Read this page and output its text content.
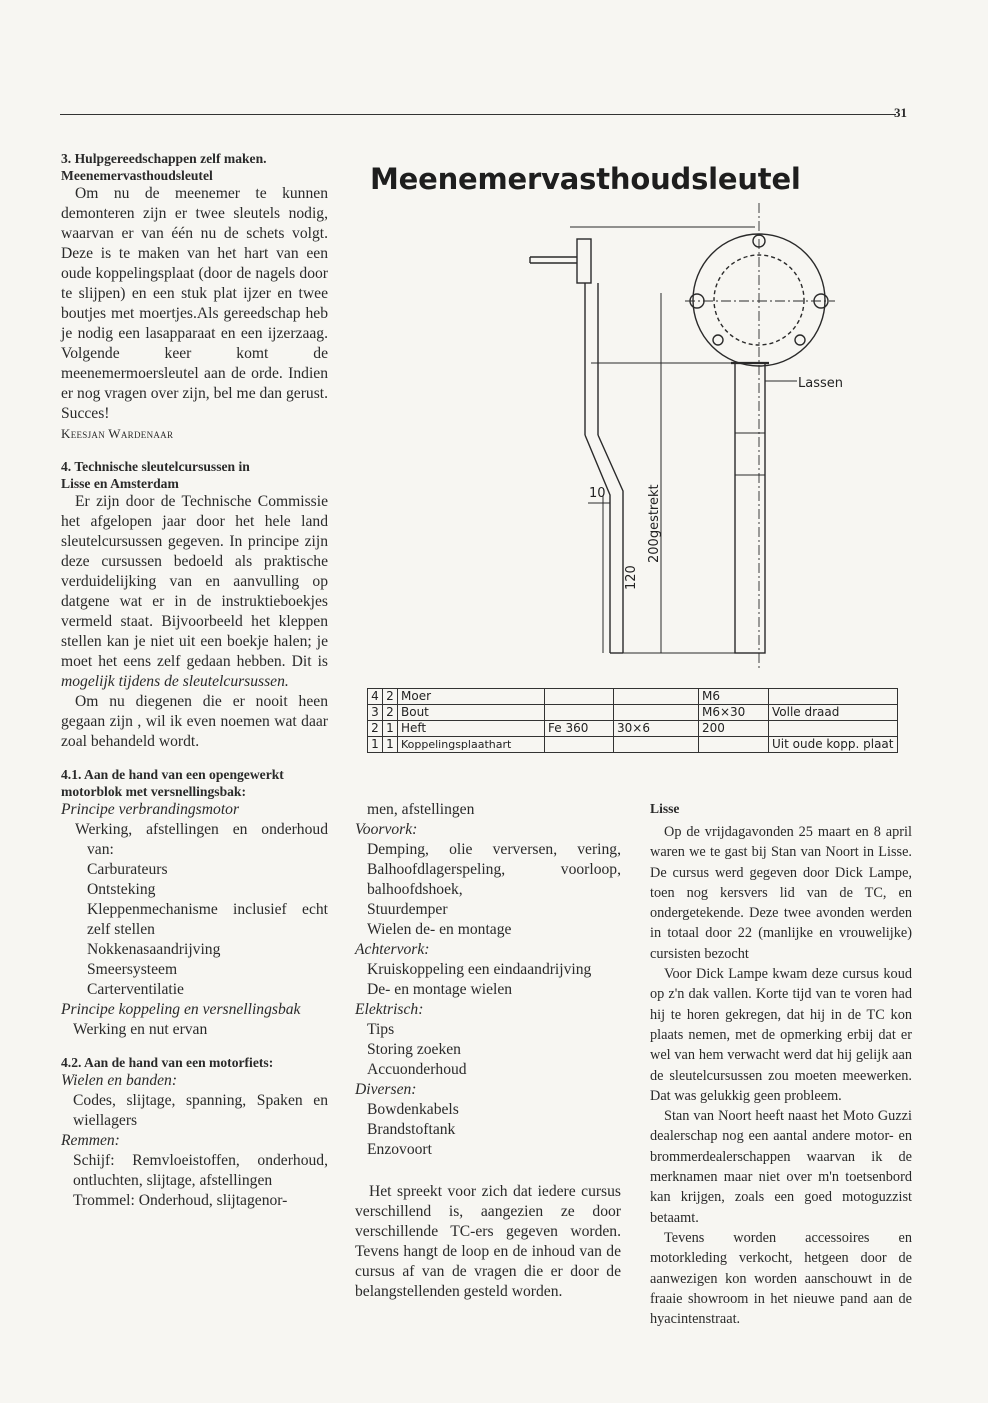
31

3. Hulpgereedschappen zelf maken.
Meenemervasthoudsleutel

Om nu de meenemer te kunnen demonteren zijn er twee sleutels nodig, waarvan er van één nu de schets volgt. Deze is te maken van het hart van een oude koppelingsplaat (door de nagels door te slijpen) en een stuk plat ijzer en twee boutjes met moertjes.Als gereedschap heb je nodig een lasapparaat en een ijzerzaag. Volgende keer komt de meenemermoersleutel aan de orde. Indien er nog vragen over zijn, bel me dan gerust. Succes!

Keesjan Wardenaar

4. Technische sleutelcursussen in
Lisse en Amsterdam

Er zijn door de Technische Commissie het afgelopen jaar door het hele land sleutelcursussen gegeven. In principe zijn deze cursussen bedoeld als praktische verduidelijking van en aanvulling op datgene wat er in de instruktieboekjes vermeld staat. Bijvoorbeeld het kleppen stellen kan je niet uit een boekje halen; je moet het eens zelf gedaan hebben. Dit is mogelijk tijdens de sleutelcursussen.

Om nu diegenen die er nooit heen gegaan zijn , wil ik even noemen wat daar zoal behandeld wordt.

4.1. Aan de hand van een opengewerkt motorblok met versnellingsbak:

Principe verbrandingsmotor

Werking, afstellingen en onderhoud van:

Carburateurs

Ontsteking

Kleppenmechanisme inclusief echt zelf stellen

Nokkenasaandrijving

Smeersysteem

Carterventilatie

Principe koppeling en versnellingsbak

Werking en nut ervan

4.2. Aan de hand van een motorfiets:

Wielen en banden:

Codes, slijtage, spanning, Spaken en wiellagers

Remmen:

Schijf: Remvloeistoffen, onderhoud, ontluchten, slijtage, afstellingen

Trommel: Onderhoud, slijtagenor-

Meenemervasthoudsleutel
10
120
200gestrekt
Lassen
4	2	Moer			M6	
3	2	Bout			M6×30	Volle draad
2	1	Heft	Fe 360	30×6	200	
1	1	Koppelingsplaathart				Uit oude kopp. plaat

men, afstellingen

Voorvork:

Demping, olie verversen, vering, Balhoofdlagerspeling, voorloop, balhoofdshoek,

Stuurdemper

Wielen de- en montage

Achtervork:

Kruiskoppeling een eindaandrijving

De- en montage wielen

Elektrisch:

Tips

Storing zoeken

Accuonderhoud

Diversen:

Bowdenkabels

Brandstoftank

Enzovoort

Het spreekt voor zich dat iedere cursus verschillend is, aangezien ze door verschillende TC-ers gegeven worden. Tevens hangt de loop en de inhoud van de cursus af van de vragen die er door de belangstellenden gesteld worden.

Lisse

Op de vrijdagavonden 25 maart en 8 april waren we te gast bij Stan van Noort in Lisse. De cursus werd gegeven door Dick Lampe, toen nog kersvers lid van de TC, en ondergetekende. Deze twee avonden werden in totaal door 22 (manlijke en vrouwelijke) cursisten bezocht

Voor Dick Lampe kwam deze cursus koud op z'n dak vallen. Korte tijd van te voren had hij te horen gekregen, dat hij in de TC kon plaats nemen, met de opmerking erbij dat er wel van hem verwacht werd dat hij gelijk aan de sleutelcursussen zou moeten meewerken. Dat was gelukkig geen probleem.

Stan van Noort heeft naast het Moto Guzzi dealerschap nog een aantal andere motor- en brommerdealerschappen waarvan ik de merknamen maar niet over m'n toetsenbord kan krijgen, zoals een goed motoguzzist betaamt.

Tevens worden accessoires en motorkleding verkocht, hetgeen door de aanwezigen kon worden aanschouwt in de fraaie showroom in het nieuwe pand aan de hyacintenstraat.
